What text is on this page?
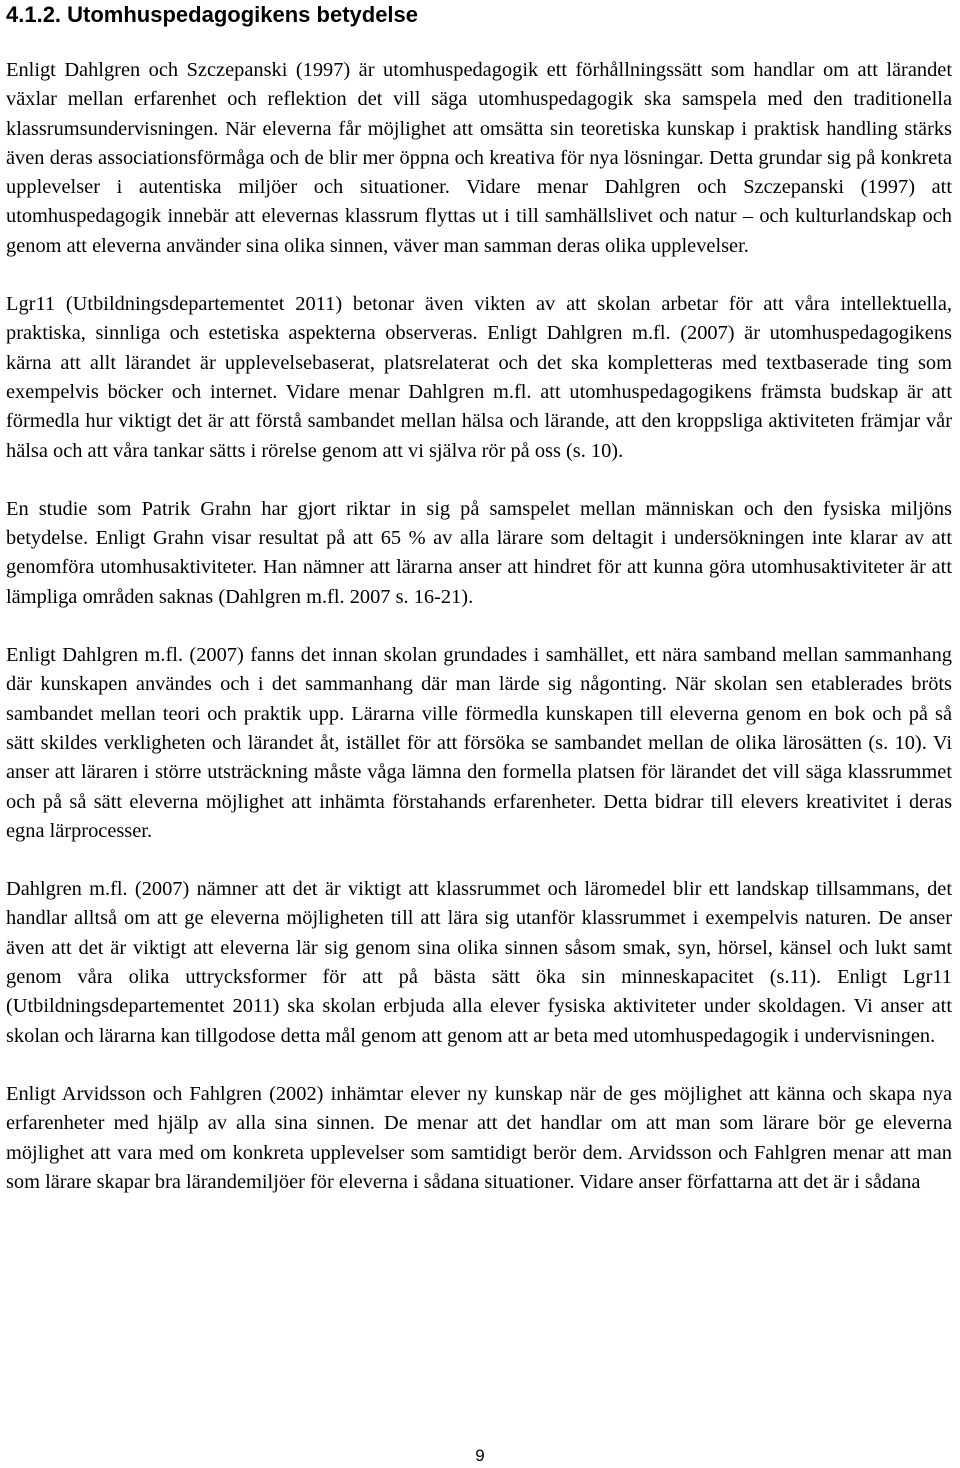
4.1.2. Utomhuspedagogikens betydelse

Enligt Dahlgren och Szczepanski (1997) är utomhuspedagogik ett förhållningssätt som handlar om att lärandet växlar mellan erfarenhet och reflektion det vill säga utomhuspedagogik ska samspela med den traditionella klassrumsundervisningen. När eleverna får möjlighet att omsätta sin teoretiska kunskap i praktisk handling stärks även deras associationsförmåga och de blir mer öppna och kreativa för nya lösningar. Detta grundar sig på konkreta upplevelser i autentiska miljöer och situationer. Vidare menar Dahlgren och Szczepanski (1997) att utomhuspedagogik innebär att elevernas klassrum flyttas ut i till samhällslivet och natur – och kulturlandskap och genom att eleverna använder sina olika sinnen, väver man samman deras olika upplevelser.

Lgr11 (Utbildningsdepartementet 2011) betonar även vikten av att skolan arbetar för att våra intellektuella, praktiska, sinnliga och estetiska aspekterna observeras. Enligt Dahlgren m.fl. (2007) är utomhuspedagogikens kärna att allt lärandet är upplevelsebaserat, platsrelaterat och det ska kompletteras med textbaserade ting som exempelvis böcker och internet. Vidare menar Dahlgren m.fl. att utomhuspedagogikens främsta budskap är att förmedla hur viktigt det är att förstå sambandet mellan hälsa och lärande, att den kroppsliga aktiviteten främjar vår hälsa och att våra tankar sätts i rörelse genom att vi själva rör på oss (s. 10).

En studie som Patrik Grahn har gjort riktar in sig på samspelet mellan människan och den fysiska miljöns betydelse. Enligt Grahn visar resultat på att 65 % av alla lärare som deltagit i undersökningen inte klarar av att genomföra utomhusaktiviteter. Han nämner att lärarna anser att hindret för att kunna göra utomhusaktiviteter är att lämpliga områden saknas (Dahlgren m.fl. 2007 s. 16-21).

Enligt Dahlgren m.fl. (2007) fanns det innan skolan grundades i samhället, ett nära samband mellan sammanhang där kunskapen användes och i det sammanhang där man lärde sig någonting. När skolan sen etablerades bröts sambandet mellan teori och praktik upp. Lärarna ville förmedla kunskapen till eleverna genom en bok och på så sätt skildes verkligheten och lärandet åt, istället för att försöka se sambandet mellan de olika lärosätten (s. 10). Vi anser att läraren i större utsträckning måste våga lämna den formella platsen för lärandet det vill säga klassrummet och på så sätt eleverna möjlighet att inhämta förstahands erfarenheter. Detta bidrar till elevers kreativitet i deras egna lärprocesser.

Dahlgren m.fl. (2007) nämner att det är viktigt att klassrummet och läromedel blir ett landskap tillsammans, det handlar alltså om att ge eleverna möjligheten till att lära sig utanför klassrummet i exempelvis naturen. De anser även att det är viktigt att eleverna lär sig genom sina olika sinnen såsom smak, syn, hörsel, känsel och lukt samt genom våra olika uttrycksformer för att på bästa sätt öka sin minneskapacitet (s.11). Enligt Lgr11 (Utbildningsdepartementet 2011) ska skolan erbjuda alla elever fysiska aktiviteter under skoldagen. Vi anser att skolan och lärarna kan tillgodose detta mål genom att genom att ar beta med utomhuspedagogik i undervisningen.

Enligt Arvidsson och Fahlgren (2002) inhämtar elever ny kunskap när de ges möjlighet att känna och skapa nya erfarenheter med hjälp av alla sina sinnen. De menar att det handlar om att man som lärare bör ge eleverna möjlighet att vara med om konkreta upplevelser som samtidigt berör dem. Arvidsson och Fahlgren menar att man som lärare skapar bra lärandemiljöer för eleverna i sådana situationer. Vidare anser författarna att det är i sådana

9
